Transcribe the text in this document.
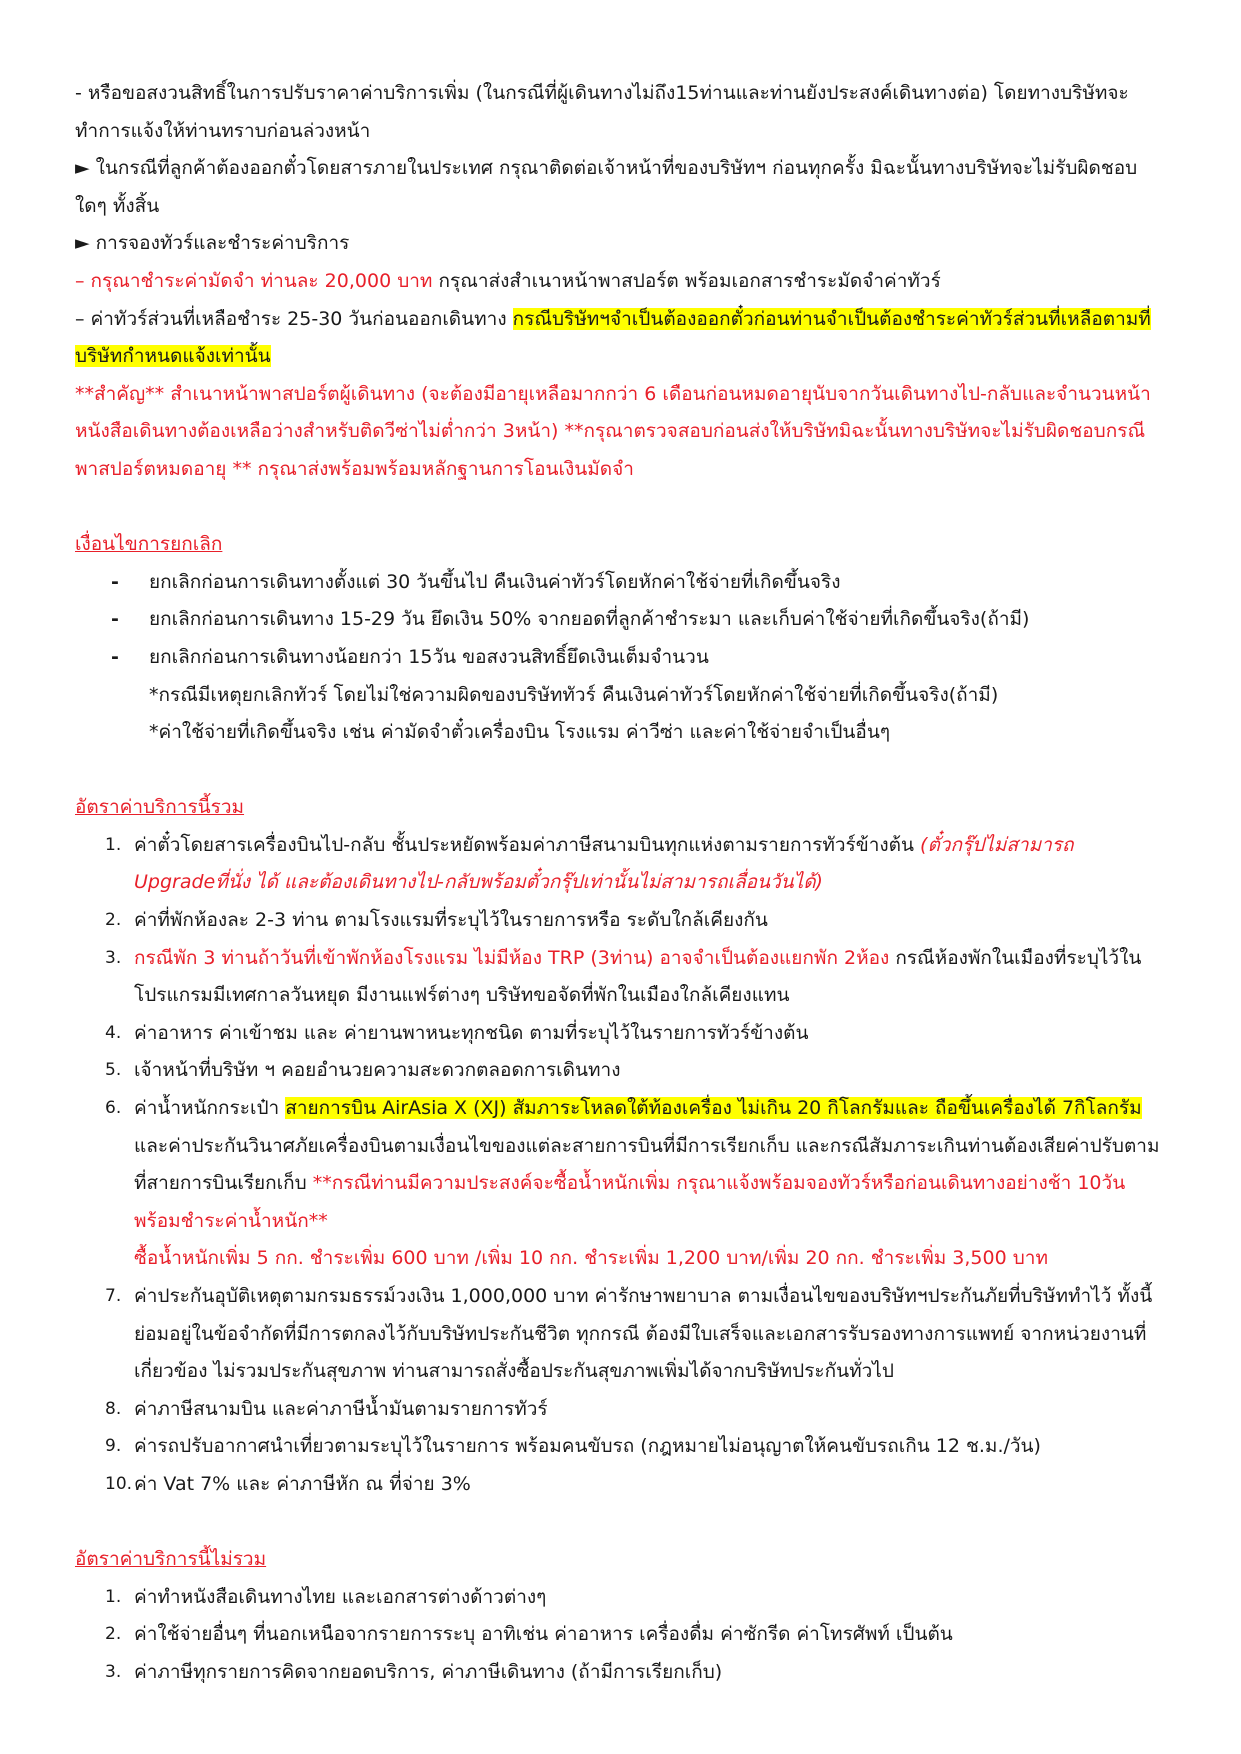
- หรือขอสงวนสิทธิ์ในการปรับราคาค่าบริการเพิ่ม (ในกรณีที่ผู้เดินทางไม่ถึง15ท่านและท่านยังประสงค์เดินทางต่อ) โดยทางบริษัทจะทำการแจ้งให้ท่านทราบก่อนล่วงหน้า

► ในกรณีที่ลูกค้าต้องออกตั๋วโดยสารภายในประเทศ กรุณาติดต่อเจ้าหน้าที่ของบริษัทฯ ก่อนทุกครั้ง มิฉะนั้นทางบริษัทจะไม่รับผิดชอบใดๆ ทั้งสิ้น

► การจองทัวร์และชำระค่าบริการ

– กรุณาชำระค่ามัดจำ ท่านละ 20,000 บาท กรุณาส่งสำเนาหน้าพาสปอร์ต พร้อมเอกสารชำระมัดจำค่าทัวร์

– ค่าทัวร์ส่วนที่เหลือชำระ 25-30 วันก่อนออกเดินทาง กรณีบริษัทฯจำเป็นต้องออกตั๋วก่อนท่านจำเป็นต้องชำระค่าทัวร์ส่วนที่เหลือตามที่บริษัทกำหนดแจ้งเท่านั้น

**สำคัญ** สำเนาหน้าพาสปอร์ตผู้เดินทาง (จะต้องมีอายุเหลือมากกว่า 6 เดือนก่อนหมดอายุนับจากวันเดินทางไป-กลับและจำนวนหน้าหนังสือเดินทางต้องเหลือว่างสำหรับติดวีซ่าไม่ต่ำกว่า 3หน้า) **กรุณาตรวจสอบก่อนส่งให้บริษัทมิฉะนั้นทางบริษัทจะไม่รับผิดชอบกรณีพาสปอร์ตหมดอายุ ** กรุณาส่งพร้อมพร้อมหลักฐานการโอนเงินมัดจำ

เงื่อนไขการยกเลิก

- ยกเลิกก่อนการเดินทางตั้งแต่ 30 วันขึ้นไป คืนเงินค่าทัวร์โดยหักค่าใช้จ่ายที่เกิดขึ้นจริง
- ยกเลิกก่อนการเดินทาง 15-29 วัน ยึดเงิน 50% จากยอดที่ลูกค้าชำระมา และเก็บค่าใช้จ่ายที่เกิดขึ้นจริง(ถ้ามี)
- ยกเลิกก่อนการเดินทางน้อยกว่า 15วัน ขอสงวนสิทธิ์ยึดเงินเต็มจำนวน

*กรณีมีเหตุยกเลิกทัวร์ โดยไม่ใช่ความผิดของบริษัททัวร์ คืนเงินค่าทัวร์โดยหักค่าใช้จ่ายที่เกิดขึ้นจริง(ถ้ามี)

*ค่าใช้จ่ายที่เกิดขึ้นจริง เช่น ค่ามัดจำตั๋วเครื่องบิน โรงแรม ค่าวีซ่า และค่าใช้จ่ายจำเป็นอื่นๆ

อัตราค่าบริการนี้รวม

1. ค่าตั๋วโดยสารเครื่องบินไป-กลับ ชั้นประหยัดพร้อมค่าภาษีสนามบินทุกแห่งตามรายการทัวร์ข้างต้น (ตั๋วกรุ๊ปไม่สามารถ Upgradeที่นั่ง ได้ และต้องเดินทางไป-กลับพร้อมตั๋วกรุ๊ปเท่านั้นไม่สามารถเลื่อนวันได้)
2. ค่าที่พักห้องละ 2-3 ท่าน ตามโรงแรมที่ระบุไว้ในรายการหรือ ระดับใกล้เคียงกัน
3. กรณีพัก 3 ท่านถ้าวันที่เข้าพักห้องโรงแรม ไม่มีห้อง TRP (3ท่าน) อาจจำเป็นต้องแยกพัก 2ห้อง กรณีห้องพักในเมืองที่ระบุไว้ในโปรแกรมมีเทศกาลวันหยุด มีงานแฟร์ต่างๆ บริษัทขอจัดที่พักในเมืองใกล้เคียงแทน
4. ค่าอาหาร ค่าเข้าชม และ ค่ายานพาหนะทุกชนิด ตามที่ระบุไว้ในรายการทัวร์ข้างต้น
5. เจ้าหน้าที่บริษัท ฯ คอยอำนวยความสะดวกตลอดการเดินทาง
6. ค่าน้ำหนักกระเป๋า สายการบิน AirAsia X (XJ) สัมภาระโหลดใต้ท้องเครื่อง ไม่เกิน 20 กิโลกรัมและ ถือขึ้นเครื่องได้ 7กิโลกรัม และค่าประกันวินาศภัยเครื่องบินตามเงื่อนไขของแต่ละสายการบินที่มีการเรียกเก็บ และกรณีสัมภาระเกินท่านต้องเสียค่าปรับตามที่สายการบินเรียกเก็บ **กรณีท่านมีความประสงค์จะซื้อน้ำหนักเพิ่ม กรุณาแจ้งพร้อมจองทัวร์หรือก่อนเดินทางอย่างช้า 10วัน พร้อมชำระค่าน้ำหนัก**
ซื้อน้ำหนักเพิ่ม 5 กก. ชำระเพิ่ม 600 บาท /เพิ่ม 10 กก. ชำระเพิ่ม 1,200 บาท/เพิ่ม 20 กก. ชำระเพิ่ม 3,500 บาท
7. ค่าประกันอุบัติเหตุตามกรมธรรม์วงเงิน 1,000,000 บาท ค่ารักษาพยาบาล ตามเงื่อนไขของบริษัทฯประกันภัยที่บริษัททำไว้ ทั้งนี้ย่อมอยู่ในข้อจำกัดที่มีการตกลงไว้กับบริษัทประกันชีวิต ทุกกรณี ต้องมีใบเสร็จและเอกสารรับรองทางการแพทย์ จากหน่วยงานที่เกี่ยวข้อง ไม่รวมประกันสุขภาพ ท่านสามารถสั่งซื้อประกันสุขภาพเพิ่มได้จากบริษัทประกันทั่วไป
8. ค่าภาษีสนามบิน และค่าภาษีน้ำมันตามรายการทัวร์
9. ค่ารถปรับอากาศนำเที่ยวตามระบุไว้ในรายการ พร้อมคนขับรถ (กฎหมายไม่อนุญาตให้คนขับรถเกิน 12 ช.ม./วัน)
10. ค่า Vat 7% และ ค่าภาษีหัก ณ ที่จ่าย 3%

อัตราค่าบริการนี้ไม่รวม

1. ค่าทำหนังสือเดินทางไทย และเอกสารต่างด้าวต่างๆ
2. ค่าใช้จ่ายอื่นๆ ที่นอกเหนือจากรายการระบุ อาทิเช่น ค่าอาหาร เครื่องดื่ม ค่าซักรีด ค่าโทรศัพท์ เป็นต้น
3. ค่าภาษีทุกรายการคิดจากยอดบริการ, ค่าภาษีเดินทาง (ถ้ามีการเรียกเก็บ)
